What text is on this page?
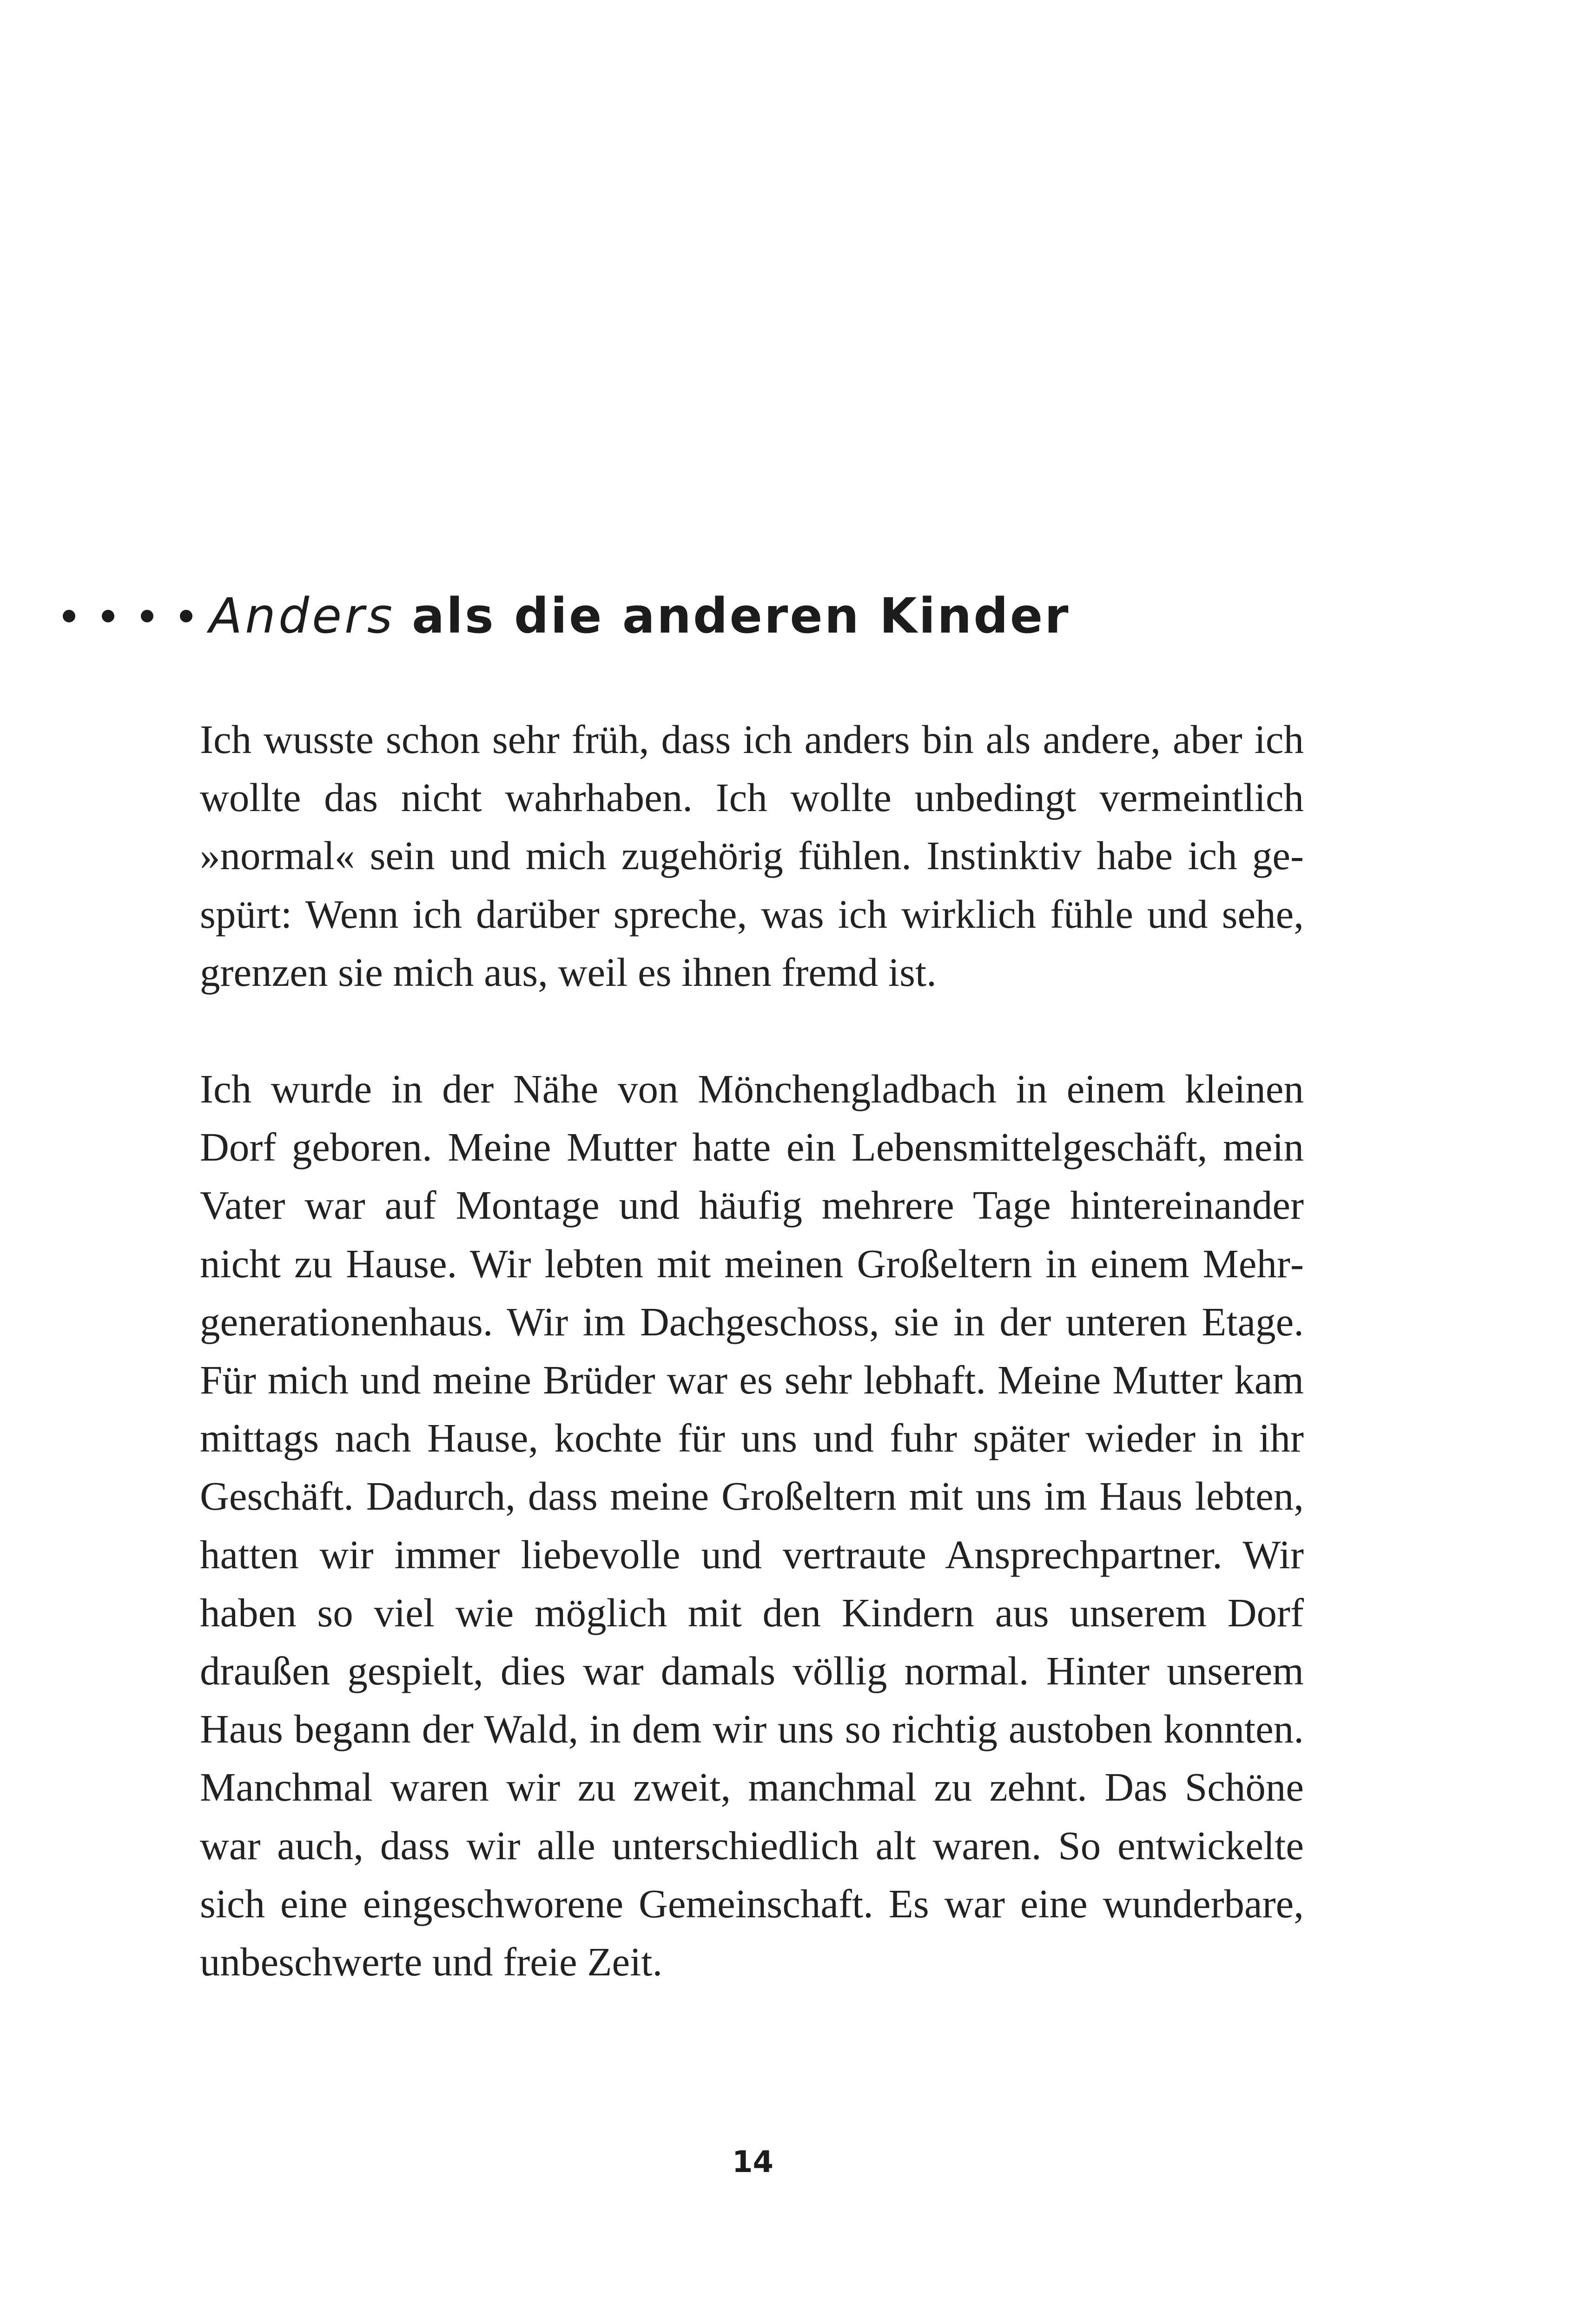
Anders als die anderen Kinder

Ich wusste schon sehr früh, dass ich anders bin als andere, aber ich wollte das nicht wahrhaben. Ich wollte unbedingt vermeintlich »normal« sein und mich zugehörig fühlen. Instinktiv habe ich gespürt: Wenn ich darüber spreche, was ich wirklich fühle und sehe, grenzen sie mich aus, weil es ihnen fremd ist.

Ich wurde in der Nähe von Mönchengladbach in einem kleinen Dorf geboren. Meine Mutter hatte ein Lebensmittelgeschäft, mein Vater war auf Montage und häufig mehrere Tage hintereinander nicht zu Hause. Wir lebten mit meinen Großeltern in einem Mehrgenerationenhaus. Wir im Dachgeschoss, sie in der unteren Etage. Für mich und meine Brüder war es sehr lebhaft. Meine Mutter kam mittags nach Hause, kochte für uns und fuhr später wieder in ihr Geschäft. Dadurch, dass meine Großeltern mit uns im Haus lebten, hatten wir immer liebevolle und vertraute Ansprechpartner. Wir haben so viel wie möglich mit den Kindern aus unserem Dorf draußen gespielt, dies war damals völlig normal. Hinter unserem Haus begann der Wald, in dem wir uns so richtig austoben konnten. Manchmal waren wir zu zweit, manchmal zu zehnt. Das Schöne war auch, dass wir alle unterschiedlich alt waren. So entwickelte sich eine eingeschworene Gemeinschaft. Es war eine wunderbare, unbeschwerte und freie Zeit.

14
